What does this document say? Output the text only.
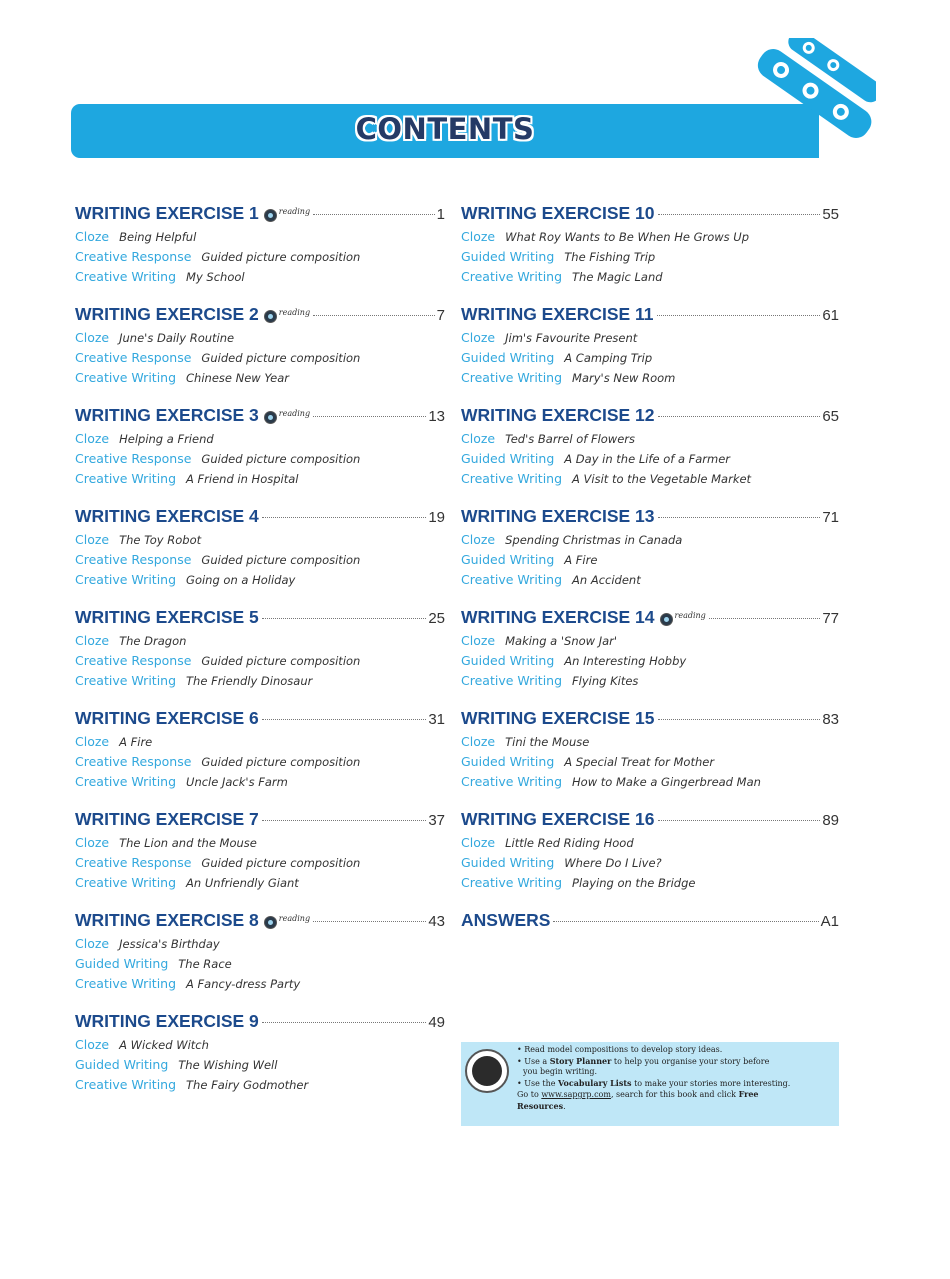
CONTENTS
WRITING EXERCISE 1	reading	1
Cloze Being Helpful
Creative Response Guided picture composition
Creative Writing My School
WRITING EXERCISE 2	reading	7
Cloze June's Daily Routine
Creative Response Guided picture composition
Creative Writing Chinese New Year
WRITING EXERCISE 3	reading	13
Cloze Helping a Friend
Creative Response Guided picture composition
Creative Writing A Friend in Hospital
WRITING EXERCISE 4	19
Cloze The Toy Robot
Creative Response Guided picture composition
Creative Writing Going on a Holiday
WRITING EXERCISE 5	25
Cloze The Dragon
Creative Response Guided picture composition
Creative Writing The Friendly Dinosaur
WRITING EXERCISE 6	31
Cloze A Fire
Creative Response Guided picture composition
Creative Writing Uncle Jack's Farm
WRITING EXERCISE 7	37
Cloze The Lion and the Mouse
Creative Response Guided picture composition
Creative Writing An Unfriendly Giant
WRITING EXERCISE 8	reading	43
Cloze Jessica's Birthday
Guided Writing The Race
Creative Writing A Fancy-dress Party
WRITING EXERCISE 9	49
Cloze A Wicked Witch
Guided Writing The Wishing Well
Creative Writing The Fairy Godmother
WRITING EXERCISE 10	55
Cloze What Roy Wants to Be When He Grows Up
Guided Writing The Fishing Trip
Creative Writing The Magic Land
WRITING EXERCISE 11	61
Cloze Jim's Favourite Present
Guided Writing A Camping Trip
Creative Writing Mary's New Room
WRITING EXERCISE 12	65
Cloze Ted's Barrel of Flowers
Guided Writing A Day in the Life of a Farmer
Creative Writing A Visit to the Vegetable Market
WRITING EXERCISE 13	71
Cloze Spending Christmas in Canada
Guided Writing A Fire
Creative Writing An Accident
WRITING EXERCISE 14	reading	77
Cloze Making a 'Snow Jar'
Guided Writing An Interesting Hobby
Creative Writing Flying Kites
WRITING EXERCISE 15	83
Cloze Tini the Mouse
Guided Writing A Special Treat for Mother
Creative Writing How to Make a Gingerbread Man
WRITING EXERCISE 16	89
Cloze Little Red Riding Hood
Guided Writing Where Do I Live?
Creative Writing Playing on the Bridge
ANSWERS	A1
• Read model compositions to develop story ideas.
• Use a Story Planner to help you organise your story before
you begin writing.
• Use the Vocabulary Lists to make your stories more interesting.
Go to www.sapgrp.com, search for this book and click Free
Resources.
